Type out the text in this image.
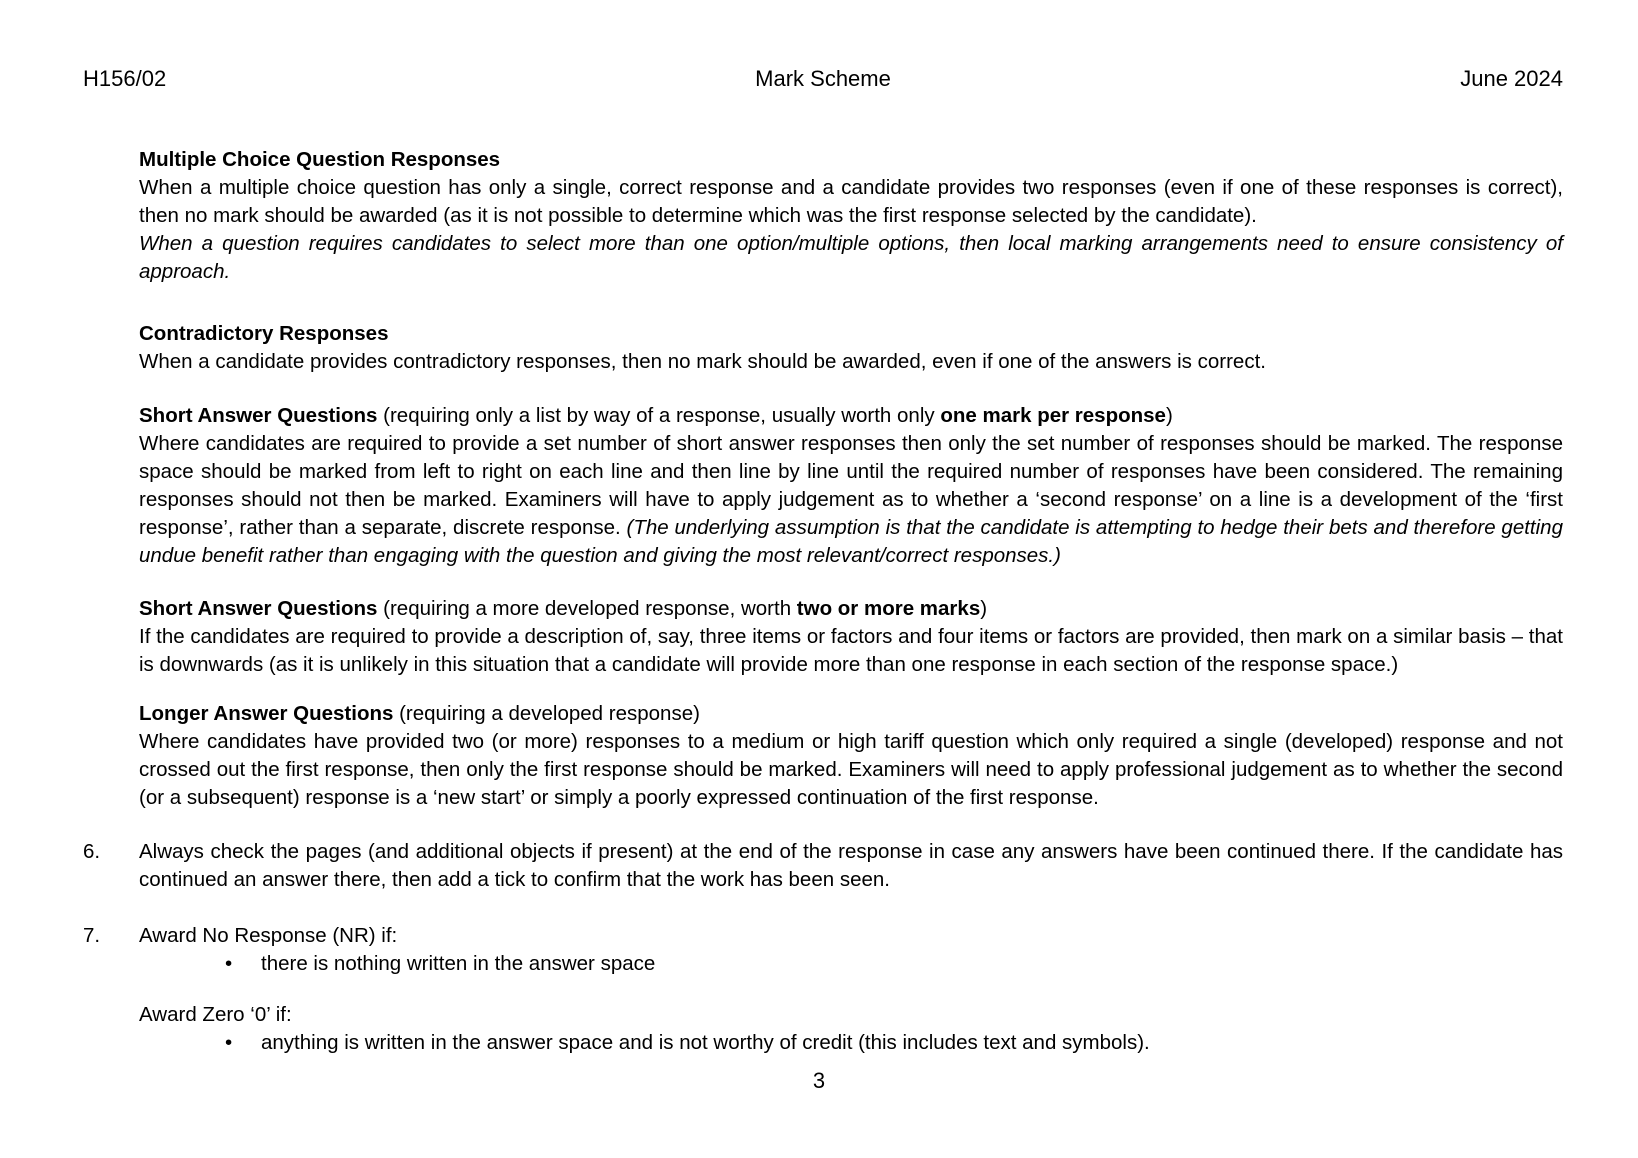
H156/02	Mark Scheme	June 2024

Multiple Choice Question Responses

When a multiple choice question has only a single, correct response and a candidate provides two responses (even if one of these responses is correct), then no mark should be awarded (as it is not possible to determine which was the first response selected by the candidate).

When a question requires candidates to select more than one option/multiple options, then local marking arrangements need to ensure consistency of approach.

Contradictory Responses

When a candidate provides contradictory responses, then no mark should be awarded, even if one of the answers is correct.

Short Answer Questions (requiring only a list by way of a response, usually worth only one mark per response)

Where candidates are required to provide a set number of short answer responses then only the set number of responses should be marked. The response space should be marked from left to right on each line and then line by line until the required number of responses have been considered. The remaining responses should not then be marked. Examiners will have to apply judgement as to whether a ‘second response’ on a line is a development of the ‘first response’, rather than a separate, discrete response. (The underlying assumption is that the candidate is attempting to hedge their bets and therefore getting undue benefit rather than engaging with the question and giving the most relevant/correct responses.)

Short Answer Questions (requiring a more developed response, worth two or more marks)

If the candidates are required to provide a description of, say, three items or factors and four items or factors are provided, then mark on a similar basis – that is downwards (as it is unlikely in this situation that a candidate will provide more than one response in each section of the response space.)

Longer Answer Questions (requiring a developed response)

Where candidates have provided two (or more) responses to a medium or high tariff question which only required a single (developed) response and not crossed out the first response, then only the first response should be marked. Examiners will need to apply professional judgement as to whether the second (or a subsequent) response is a ‘new start’ or simply a poorly expressed continuation of the first response.

6. Always check the pages (and additional objects if present) at the end of the response in case any answers have been continued there. If the candidate has continued an answer there, then add a tick to confirm that the work has been seen.
7. Award No Response (NR) if:
• there is nothing written in the answer space
Award Zero ‘0’ if:
• anything is written in the answer space and is not worthy of credit (this includes text and symbols).
3
